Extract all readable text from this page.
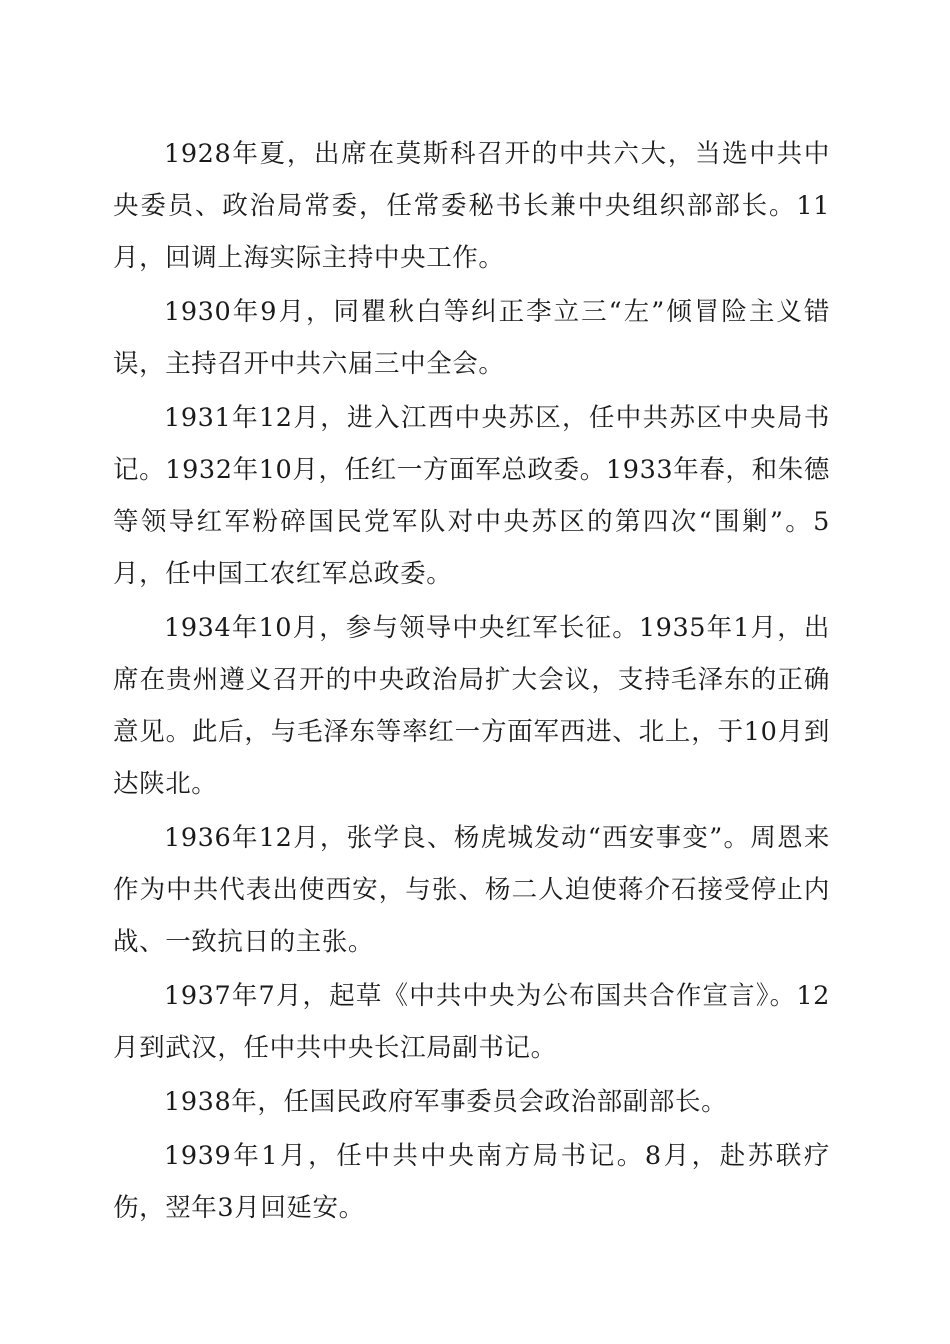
1928年夏，出席在莫斯科召开的中共六大，当选中共中央委员、政治局常委，任常委秘书长兼中央组织部部长。11月，回调上海实际主持中央工作。

1930年9月，同瞿秋白等纠正李立三“左”倾冒险主义错误，主持召开中共六届三中全会。

1931年12月，进入江西中央苏区，任中共苏区中央局书记。1932年10月，任红一方面军总政委。1933年春，和朱德等领导红军粉碎国民党军队对中央苏区的第四次“围剿”。5月，任中国工农红军总政委。

1934年10月，参与领导中央红军长征。1935年1月，出席在贵州遵义召开的中央政治局扩大会议，支持毛泽东的正确意见。此后，与毛泽东等率红一方面军西进、北上，于10月到达陕北。

1936年12月，张学良、杨虎城发动“西安事变”。周恩来作为中共代表出使西安，与张、杨二人迫使蒋介石接受停止内战、一致抗日的主张。

1937年7月，起草《中共中央为公布国共合作宣言》。12月到武汉，任中共中央长江局副书记。

1938年，任国民政府军事委员会政治部副部长。

1939年1月，任中共中央南方局书记。8月，赴苏联疗伤，翌年3月回延安。
